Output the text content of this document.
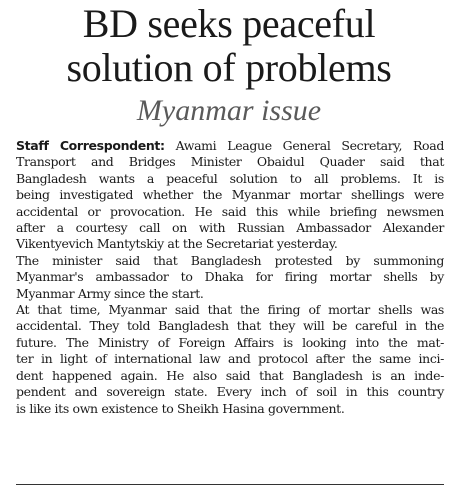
BD seeks peaceful
solution of problems
Myanmar issue
Staff Correspondent: Awami League General Secretary, Road
Transport and Bridges Minister Obaidul Quader said that
Bangladesh wants a peaceful solution to all problems. It is
being investigated whether the Myanmar mortar shellings were
accidental or provocation. He said this while briefing newsmen
after a courtesy call on with Russian Ambassador Alexander
Vikentyevich Mantytskiy at the Secretariat yesterday.
The minister said that Bangladesh protested by summoning
Myanmar's ambassador to Dhaka for firing mortar shells by
Myanmar Army since the start.
At that time, Myanmar said that the firing of mortar shells was
accidental. They told Bangladesh that they will be careful in the
future. The Ministry of Foreign Affairs is looking into the mat-
ter in light of international law and protocol after the same inci-
dent happened again. He also said that Bangladesh is an inde-
pendent and sovereign state. Every inch of soil in this country
is like its own existence to Sheikh Hasina government.
